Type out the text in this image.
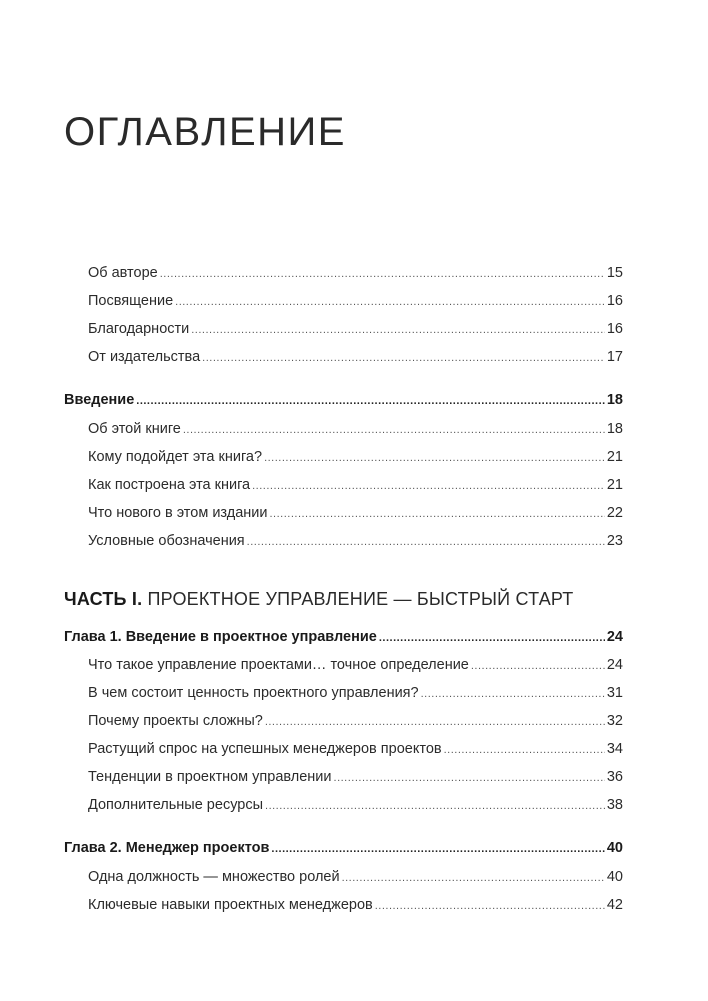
ОГЛАВЛЕНИЕ
Об авторе .....	15
Посвящение .....	16
Благодарности .....	16
От издательства .....	17
Введение .....	18
Об этой книге .....	18
Кому подойдет эта книга? .....	21
Как построена эта книга .....	21
Что нового в этом издании .....	22
Условные обозначения .....	23
ЧАСТЬ I. ПРОЕКТНОЕ УПРАВЛЕНИЕ — БЫСТРЫЙ СТАРТ
Глава 1. Введение в проектное управление .....	24
Что такое управление проектами… точное определение .....	24
В чем состоит ценность проектного управления? .....	31
Почему проекты сложны? .....	32
Растущий спрос на успешных менеджеров проектов .....	34
Тенденции в проектном управлении .....	36
Дополнительные ресурсы .....	38
Глава 2. Менеджер проектов .....	40
Одна должность — множество ролей .....	40
Ключевые навыки проектных менеджеров .....	42
